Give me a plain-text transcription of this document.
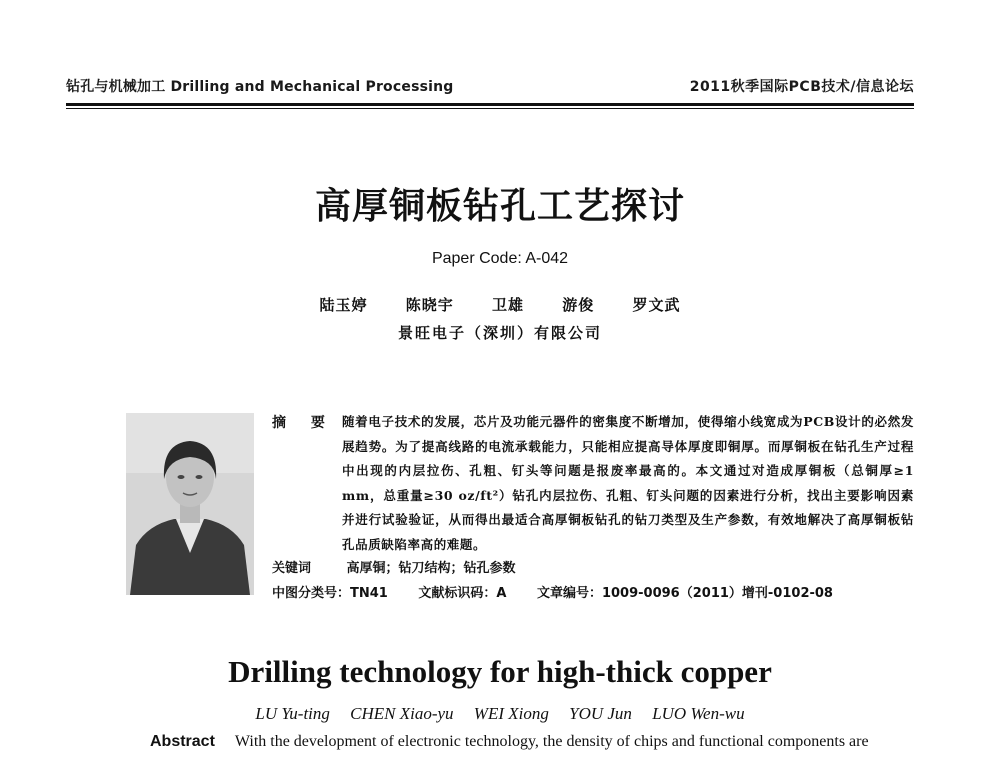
钻孔与机械加工 Drilling and Mechanical Processing	2011秋季国际PCB技术/信息论坛
高厚铜板钻孔工艺探讨
Paper Code: A-042
陆玉婷	陈晓宇	卫雄	游俊	罗文武
景旺电子（深圳）有限公司
摘 要 随着电子技术的发展，芯片及功能元器件的密集度不断增加，使得缩小线宽成为PCB设计的必然发展趋势。为了提高线路的电流承载能力，只能相应提高导体厚度即铜厚。而厚铜板在钻孔生产过程中出现的内层拉伤、孔粗、钉头等问题是报废率最高的。本文通过对造成厚铜板（总铜厚≥1 mm，总重量≥30 oz/ft²）钻孔内层拉伤、孔粗、钉头问题的因素进行分析，找出主要影响因素并进行试验验证，从而得出最适合高厚铜板钻孔的钻刀类型及生产参数，有效地解决了高厚铜板钻孔品质缺陷率高的难题。
关键词	高厚铜；钻刀结构；钻孔参数
中图分类号：TN41 文献标识码：A 文章编号：1009-0096（2011）增刊-0102-08
Drilling technology for high-thick copper
LU Yu-ting CHEN Xiao-yu WEI Xiong YOU Jun LUO Wen-wu
Abstract With the development of electronic technology, the density of chips and functional components are
